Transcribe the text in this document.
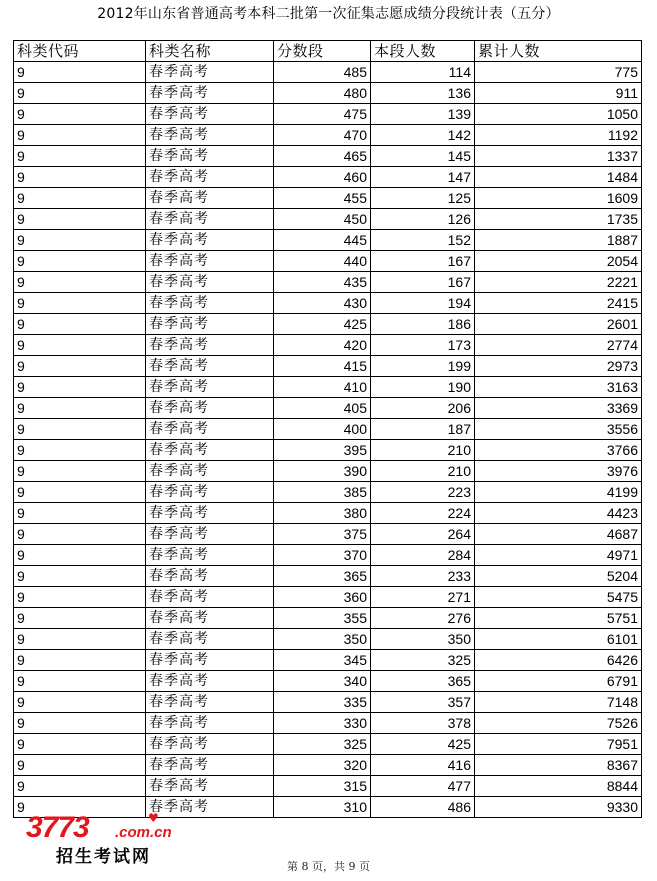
2012年山东省普通高考本科二批第一次征集志愿成绩分段统计表（五分）
科类代码	科类名称	分数段	本段人数	累计人数
9	春季高考	485	114	775
9	春季高考	480	136	911
9	春季高考	475	139	1050
9	春季高考	470	142	1192
9	春季高考	465	145	1337
9	春季高考	460	147	1484
9	春季高考	455	125	1609
9	春季高考	450	126	1735
9	春季高考	445	152	1887
9	春季高考	440	167	2054
9	春季高考	435	167	2221
9	春季高考	430	194	2415
9	春季高考	425	186	2601
9	春季高考	420	173	2774
9	春季高考	415	199	2973
9	春季高考	410	190	3163
9	春季高考	405	206	3369
9	春季高考	400	187	3556
9	春季高考	395	210	3766
9	春季高考	390	210	3976
9	春季高考	385	223	4199
9	春季高考	380	224	4423
9	春季高考	375	264	4687
9	春季高考	370	284	4971
9	春季高考	365	233	5204
9	春季高考	360	271	5475
9	春季高考	355	276	5751
9	春季高考	350	350	6101
9	春季高考	345	325	6426
9	春季高考	340	365	6791
9	春季高考	335	357	7148
9	春季高考	330	378	7526
9	春季高考	325	425	7951
9	春季高考	320	416	8367
9	春季高考	315	477	8844
9	春季高考	310	486	9330
3773	♥
.com.cn
招生考试网	第 8 页，共 9 页
